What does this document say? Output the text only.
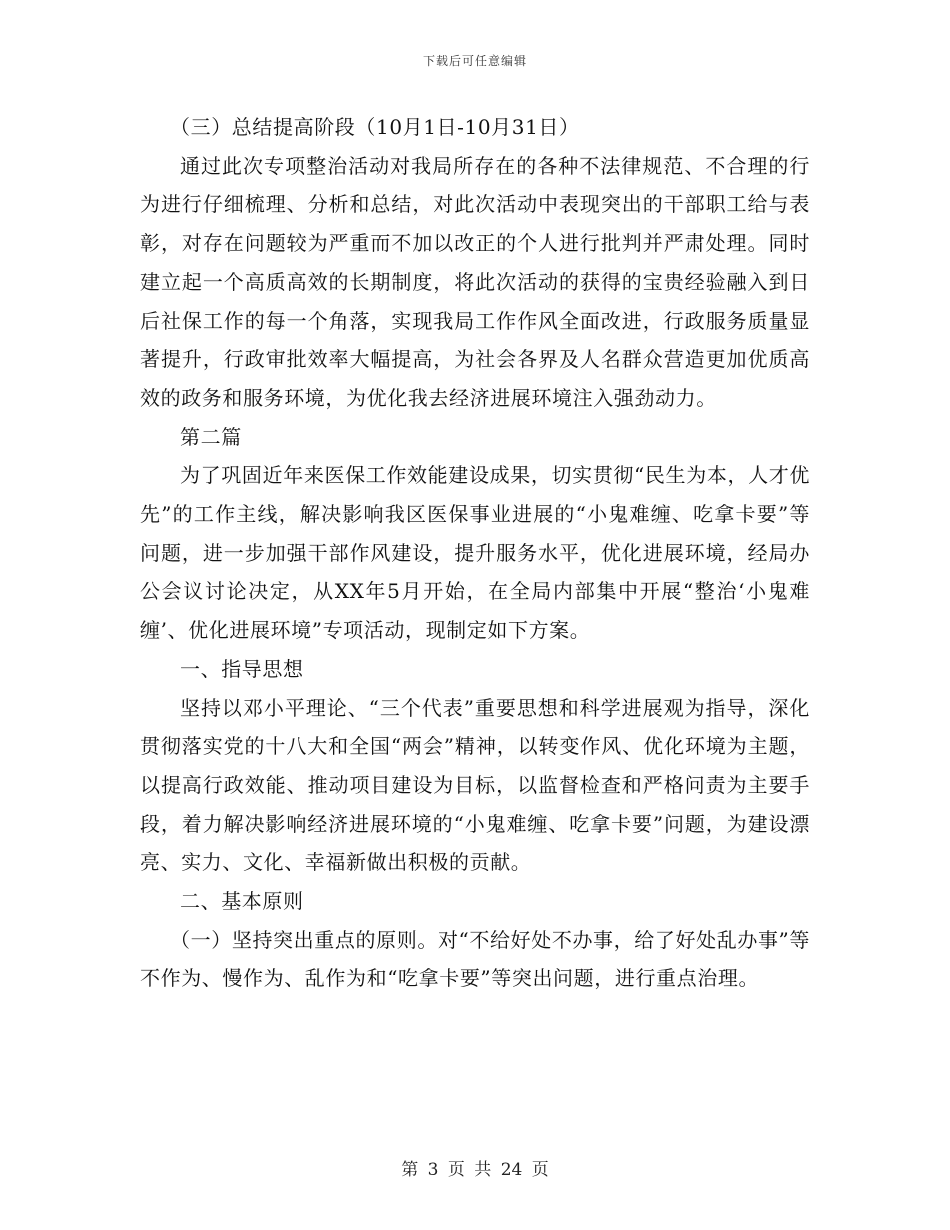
下载后可任意编辑

（三）总结提高阶段（10月1日-10月31日）

通过此次专项整治活动对我局所存在的各种不法律规范、不合理的行为进行仔细梳理、分析和总结，对此次活动中表现突出的干部职工给与表彰，对存在问题较为严重而不加以改正的个人进行批判并严肃处理。同时建立起一个高质高效的长期制度，将此次活动的获得的宝贵经验融入到日后社保工作的每一个角落，实现我局工作作风全面改进，行政服务质量显著提升，行政审批效率大幅提高，为社会各界及人名群众营造更加优质高效的政务和服务环境，为优化我去经济进展环境注入强劲动力。

第二篇

为了巩固近年来医保工作效能建设成果，切实贯彻“民生为本，人才优先”的工作主线，解决影响我区医保事业进展的“小鬼难缠、吃拿卡要”等问题，进一步加强干部作风建设，提升服务水平，优化进展环境，经局办公会议讨论决定，从XX年5月开始，在全局内部集中开展“整治‘小鬼难缠’、优化进展环境”专项活动，现制定如下方案。

一、指导思想

坚持以邓小平理论、“三个代表”重要思想和科学进展观为指导，深化贯彻落实党的十八大和全国“两会”精神，以转变作风、优化环境为主题，以提高行政效能、推动项目建设为目标，以监督检查和严格问责为主要手段，着力解决影响经济进展环境的“小鬼难缠、吃拿卡要”问题，为建设漂亮、实力、文化、幸福新做出积极的贡献。

二、基本原则

（一）坚持突出重点的原则。对“不给好处不办事，给了好处乱办事”等不作为、慢作为、乱作为和“吃拿卡要”等突出问题，进行重点治理。

第 3 页 共 24 页
